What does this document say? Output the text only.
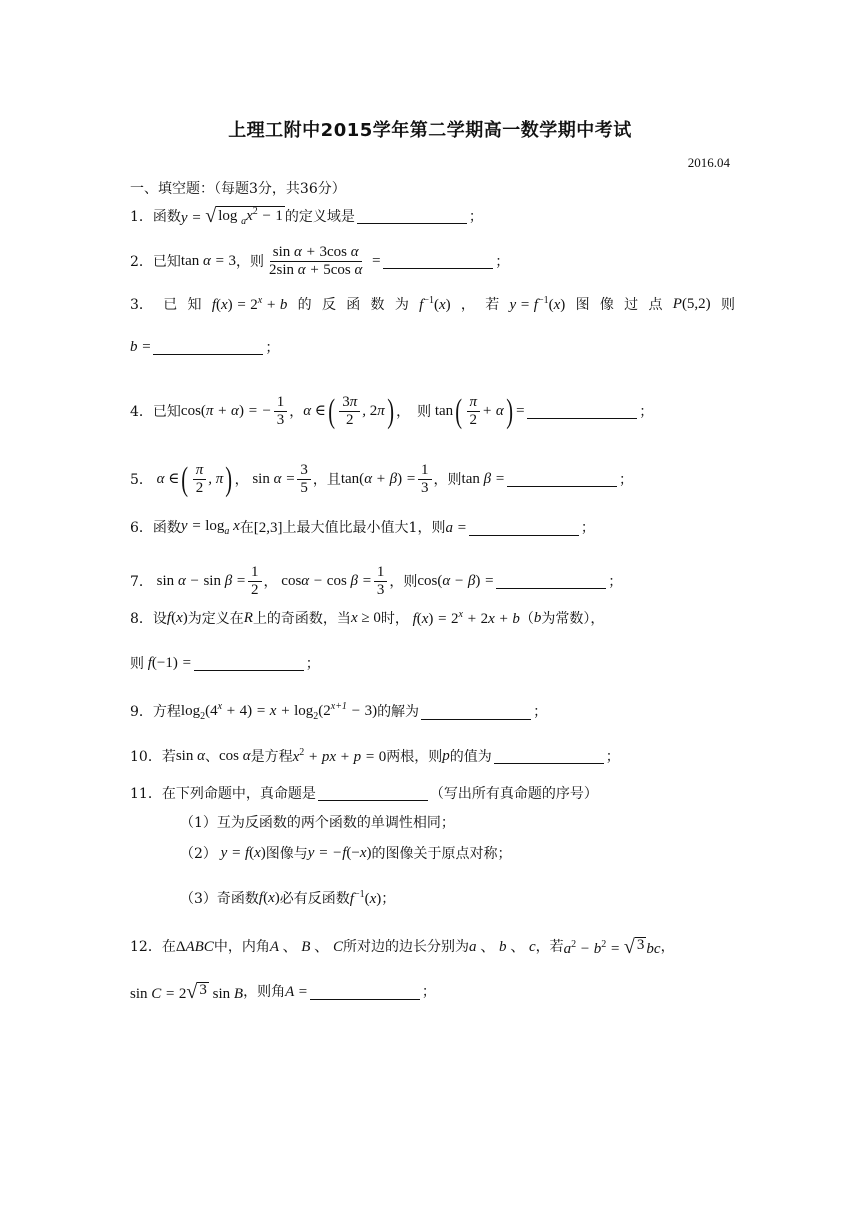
上理工附中2015学年第二学期高一数学期中考试
2016.04
一、填空题：（每题3分，共36分）
1． 函数 y = √ $\log _ax^2 - 1$ 的定义域是	；
2． 已知 tan α = 3 ，则 $\frac{\text{sin α + 3cos α}}{\text{2sin α + 5cos α}}$ =	；
3． 已 知 $f(x) = 2^x + b$ 的 反 函 数 为 $f^{-1}(x)$ ， 若 $y = f^{-1}(x)$ 图 像 过 点 P(5,2) 则
b =	；
4． 已知 cos(π + α) = − $\frac{1}{3}$ ， α ∈ ( $\frac{3\pi}{2}$ , 2π ) ，　则 tan ( $\frac{\pi}{2} + \alpha$ ) =	；
5． α ∈ ( $\frac{\pi}{2}$ , π ) ， $\sin \alpha = \frac{3}{5}$ ，且 $\tan(\alpha + \beta) = \frac{1}{3}$ ，则 tan β =	；
6． 函数 $y = \log_a x$ 在 [2,3] 上最大值比最小值大1，则 a =	；
7． $\sin \alpha - \sin \beta = \frac{1}{2}$ ， $\cos\alpha - \cos \beta = \frac{1}{3}$ ，则 cos(α − β) =	；
8． 设 f(x) 为定义在 R 上的奇函数，当 x ≥ 0 时， $f(x) = 2^x + 2x + b$ （ b 为常数），
则 f(−1) =	；
9． 方程 $\log_2(4^x + 4) = x + \log_2(2^{x+1} - 3)$ 的解为	；
10． 若 sin α 、 cos α 是方程 $x^2$ + px + p = 0 两根，则 p 的值为	；
11． 在下列命题中，真命题是	（写出所有真命题的序号）
（1）互为反函数的两个函数的单调性相同；
（2） y = f(x) 图像与 y = −f(−x) 的图像关于原点对称；
（3）奇函数 f(x) 必有反函数 $f^{-1}(x)$ ；
12． 在 ΔABC 中，内角 A 、 B 、 C 所对边的边长分别为 a 、 b 、 c ，若 $a^2 - b^2$ = √ 3 bc ，
sin C = 2 √ 3 sin B ，则角 A =	；
